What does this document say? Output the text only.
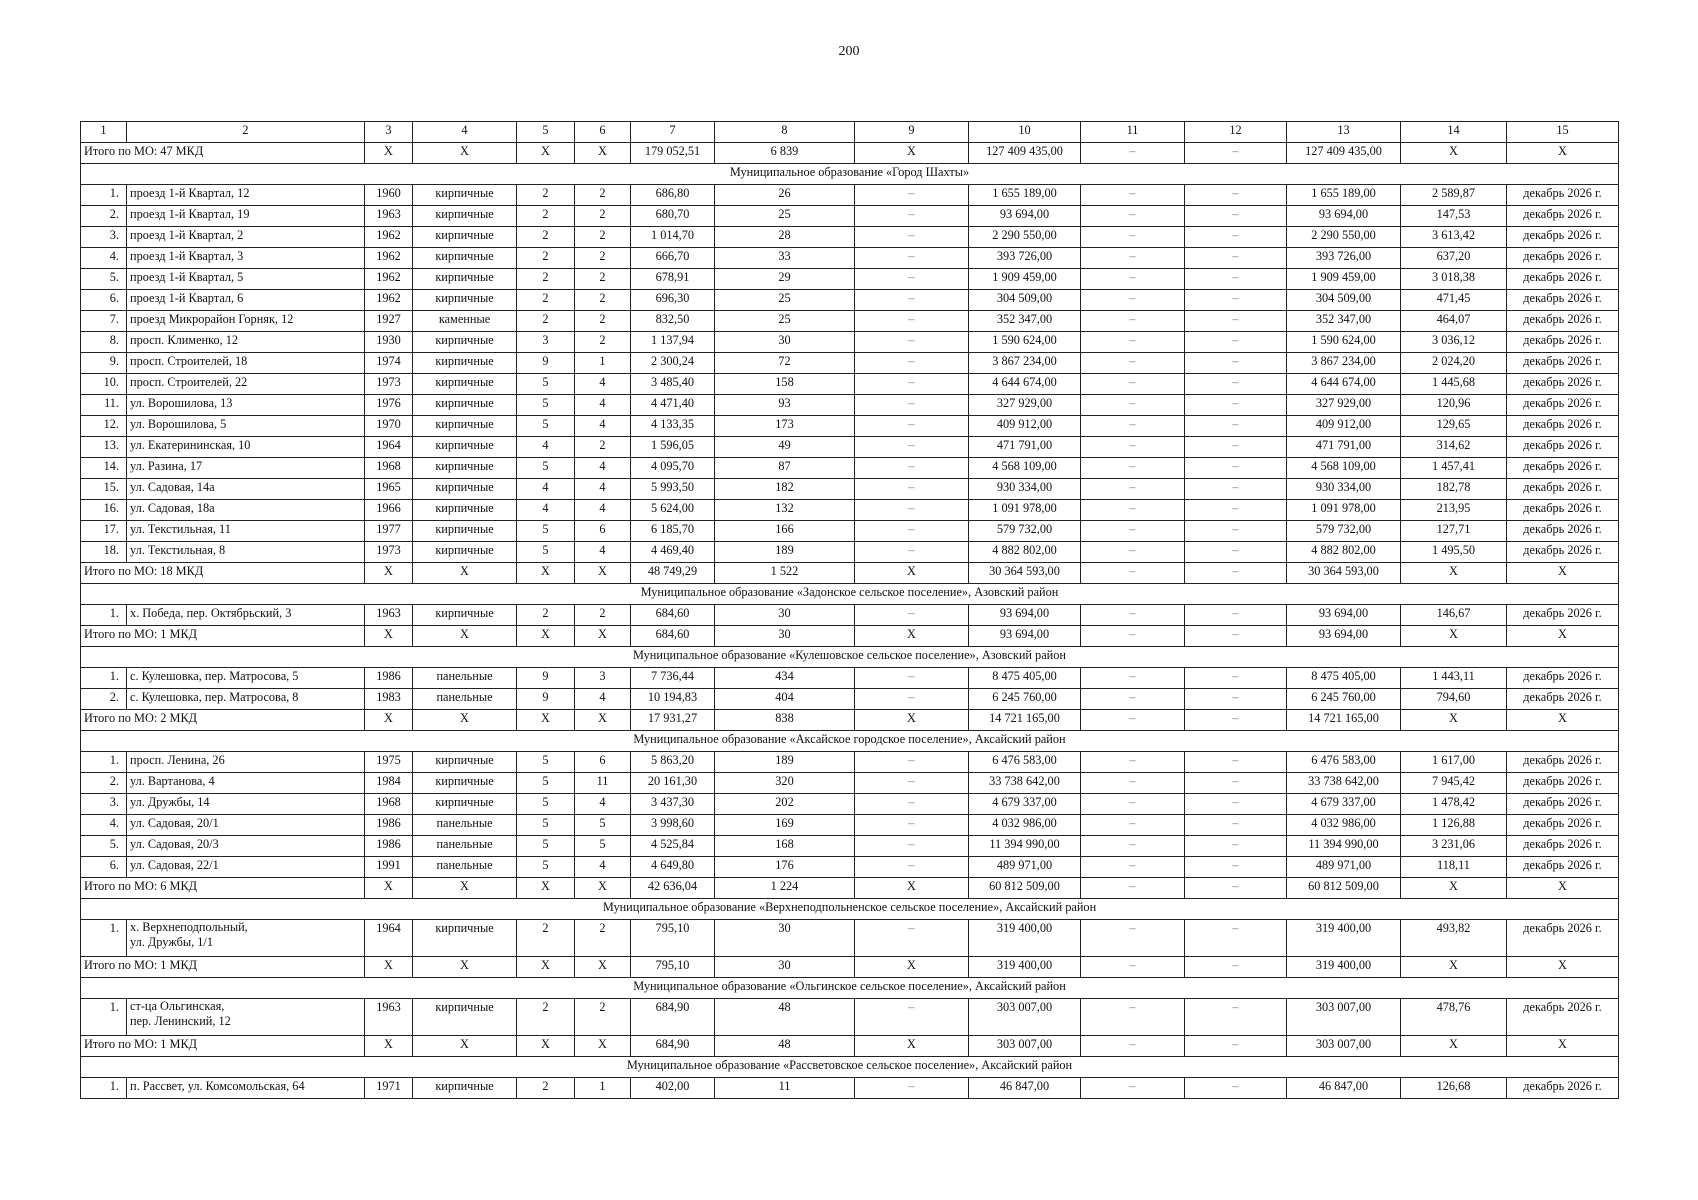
200
1	2	3	4	5	6	7	8	9	10	11	12	13	14	15
Итого по МО: 47 МКД		X	X	X	X	179 052,51	6 839	X	127 409 435,00	–	–	127 409 435,00	X	X
Муниципальное образование «Город Шахты»														
1.	проезд 1-й Квартал, 12	1960	кирпичные	2	2	686,80	26	–	1 655 189,00	–	–	1 655 189,00	2 589,87	декабрь 2026 г.
2.	проезд 1-й Квартал, 19	1963	кирпичные	2	2	680,70	25	–	93 694,00	–	–	93 694,00	147,53	декабрь 2026 г.
3.	проезд 1-й Квартал, 2	1962	кирпичные	2	2	1 014,70	28	–	2 290 550,00	–	–	2 290 550,00	3 613,42	декабрь 2026 г.
4.	проезд 1-й Квартал, 3	1962	кирпичные	2	2	666,70	33	–	393 726,00	–	–	393 726,00	637,20	декабрь 2026 г.
5.	проезд 1-й Квартал, 5	1962	кирпичные	2	2	678,91	29	–	1 909 459,00	–	–	1 909 459,00	3 018,38	декабрь 2026 г.
6.	проезд 1-й Квартал, 6	1962	кирпичные	2	2	696,30	25	–	304 509,00	–	–	304 509,00	471,45	декабрь 2026 г.
7.	проезд Микрорайон Горняк, 12	1927	каменные	2	2	832,50	25	–	352 347,00	–	–	352 347,00	464,07	декабрь 2026 г.
8.	просп. Клименко, 12	1930	кирпичные	3	2	1 137,94	30	–	1 590 624,00	–	–	1 590 624,00	3 036,12	декабрь 2026 г.
9.	просп. Строителей, 18	1974	кирпичные	9	1	2 300,24	72	–	3 867 234,00	–	–	3 867 234,00	2 024,20	декабрь 2026 г.
10.	просп. Строителей, 22	1973	кирпичные	5	4	3 485,40	158	–	4 644 674,00	–	–	4 644 674,00	1 445,68	декабрь 2026 г.
11.	ул. Ворошилова, 13	1976	кирпичные	5	4	4 471,40	93	–	327 929,00	–	–	327 929,00	120,96	декабрь 2026 г.
12.	ул. Ворошилова, 5	1970	кирпичные	5	4	4 133,35	173	–	409 912,00	–	–	409 912,00	129,65	декабрь 2026 г.
13.	ул. Екатерининская, 10	1964	кирпичные	4	2	1 596,05	49	–	471 791,00	–	–	471 791,00	314,62	декабрь 2026 г.
14.	ул. Разина, 17	1968	кирпичные	5	4	4 095,70	87	–	4 568 109,00	–	–	4 568 109,00	1 457,41	декабрь 2026 г.
15.	ул. Садовая, 14а	1965	кирпичные	4	4	5 993,50	182	–	930 334,00	–	–	930 334,00	182,78	декабрь 2026 г.
16.	ул. Садовая, 18а	1966	кирпичные	4	4	5 624,00	132	–	1 091 978,00	–	–	1 091 978,00	213,95	декабрь 2026 г.
17.	ул. Текстильная, 11	1977	кирпичные	5	6	6 185,70	166	–	579 732,00	–	–	579 732,00	127,71	декабрь 2026 г.
18.	ул. Текстильная, 8	1973	кирпичные	5	4	4 469,40	189	–	4 882 802,00	–	–	4 882 802,00	1 495,50	декабрь 2026 г.
Итого по МО: 18 МКД		X	X	X	X	48 749,29	1 522	X	30 364 593,00	–	–	30 364 593,00	X	X
Муниципальное образование «Задонское сельское поселение», Азовский район														
1.	х. Победа, пер. Октябрьский, 3	1963	кирпичные	2	2	684,60	30	–	93 694,00	–	–	93 694,00	146,67	декабрь 2026 г.
Итого по МО: 1 МКД		X	X	X	X	684,60	30	X	93 694,00	–	–	93 694,00	X	X
Муниципальное образование «Кулешовское сельское поселение», Азовский район														
1.	с. Кулешовка, пер. Матросова, 5	1986	панельные	9	3	7 736,44	434	–	8 475 405,00	–	–	8 475 405,00	1 443,11	декабрь 2026 г.
2.	с. Кулешовка, пер. Матросова, 8	1983	панельные	9	4	10 194,83	404	–	6 245 760,00	–	–	6 245 760,00	794,60	декабрь 2026 г.
Итого по МО: 2 МКД		X	X	X	X	17 931,27	838	X	14 721 165,00	–	–	14 721 165,00	X	X
Муниципальное образование «Аксайское городское поселение», Аксайский район														
1.	просп. Ленина, 26	1975	кирпичные	5	6	5 863,20	189	–	6 476 583,00	–	–	6 476 583,00	1 617,00	декабрь 2026 г.
2.	ул. Вартанова, 4	1984	кирпичные	5	11	20 161,30	320	–	33 738 642,00	–	–	33 738 642,00	7 945,42	декабрь 2026 г.
3.	ул. Дружбы, 14	1968	кирпичные	5	4	3 437,30	202	–	4 679 337,00	–	–	4 679 337,00	1 478,42	декабрь 2026 г.
4.	ул. Садовая, 20/1	1986	панельные	5	5	3 998,60	169	–	4 032 986,00	–	–	4 032 986,00	1 126,88	декабрь 2026 г.
5.	ул. Садовая, 20/3	1986	панельные	5	5	4 525,84	168	–	11 394 990,00	–	–	11 394 990,00	3 231,06	декабрь 2026 г.
6.	ул. Садовая, 22/1	1991	панельные	5	4	4 649,80	176	–	489 971,00	–	–	489 971,00	118,11	декабрь 2026 г.
Итого по МО: 6 МКД		X	X	X	X	42 636,04	1 224	X	60 812 509,00	–	–	60 812 509,00	X	X
Муниципальное образование «Верхнеподпольненское сельское поселение», Аксайский район														
1.	х. Верхнеподпольный,
ул. Дружбы, 1/1	1964	кирпичные	2	2	795,10	30	–	319 400,00	–	–	319 400,00	493,82	декабрь 2026 г.
Итого по МО: 1 МКД		X	X	X	X	795,10	30	X	319 400,00	–	–	319 400,00	X	X
Муниципальное образование «Ольгинское сельское поселение», Аксайский район														
1.	ст-ца Ольгинская,
пер. Ленинский, 12	1963	кирпичные	2	2	684,90	48	–	303 007,00	–	–	303 007,00	478,76	декабрь 2026 г.
Итого по МО: 1 МКД		X	X	X	X	684,90	48	X	303 007,00	–	–	303 007,00	X	X
Муниципальное образование «Рассветовское сельское поселение», Аксайский район														
1.	п. Рассвет, ул. Комсомольская, 64	1971	кирпичные	2	1	402,00	11	–	46 847,00	–	–	46 847,00	126,68	декабрь 2026 г.
